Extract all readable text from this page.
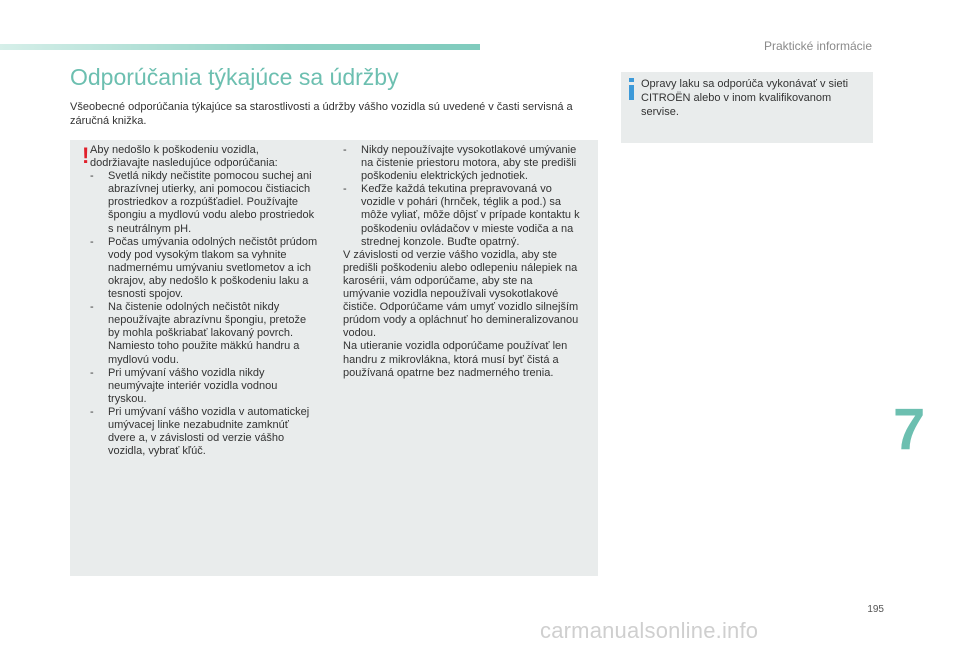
Praktické informácie
Odporúčania týkajúce sa údržby
Všeobecné odporúčania týkajúce sa starostlivosti a údržby vášho vozidla sú uvedené v časti servisná a záručná knižka.
! Aby nedošlo k poškodeniu vozidla, dodržiavajte nasledujúce odporúčania:

- Svetlá nikdy nečistite pomocou suchej ani abrazívnej utierky, ani pomocou čistiacich prostriedkov a rozpúšťadiel. Používajte špongiu a mydlovú vodu alebo prostriedok s neutrálnym pH.
- Počas umývania odolných nečistôt prúdom vody pod vysokým tlakom sa vyhnite nadmernému umývaniu svetlometov a ich okrajov, aby nedošlo k poškodeniu laku a tesnosti spojov.
- Na čistenie odolných nečistôt nikdy nepoužívajte abrazívnu špongiu, pretože by mohla poškriabať lakovaný povrch. Namiesto toho použite mäkkú handru a mydlovú vodu.
- Pri umývaní vášho vozidla nikdy neumývajte interiér vozidla vodnou tryskou.
- Pri umývaní vášho vozidla v automatickej umývacej linke nezabudnite zamknúť dvere a, v závislosti od verzie vášho vozidla, vybrať kľúč.
- Nikdy nepoužívajte vysokotlakové umývanie na čistenie priestoru motora, aby ste predišli poškodeniu elektrických jednotiek.
- Keďže každá tekutina prepravovaná vo vozidle v pohári (hrnček, téglik a pod.) sa môže vyliať, môže dôjsť v prípade kontaktu k poškodeniu ovládačov v mieste vodiča a na strednej konzole. Buďte opatrný.

V závislosti od verzie vášho vozidla, aby ste predišli poškodeniu alebo odlepeniu nálepiek na karosérii, vám odporúčame, aby ste na umývanie vozidla nepoužívali vysokotlakové čističe. Odporúčame vám umyť vozidlo silnejším prúdom vody a opláchnuť ho demineralizovanou vodou.

Na utieranie vozidla odporúčame používať len handru z mikrovlákna, ktorá musí byť čistá a používaná opatrne bez nadmerného trenia.

Opravy laku sa odporúča vykonávať v sieti CITROËN alebo v inom kvalifikovanom servise.
7
195
carmanualsonline.info
